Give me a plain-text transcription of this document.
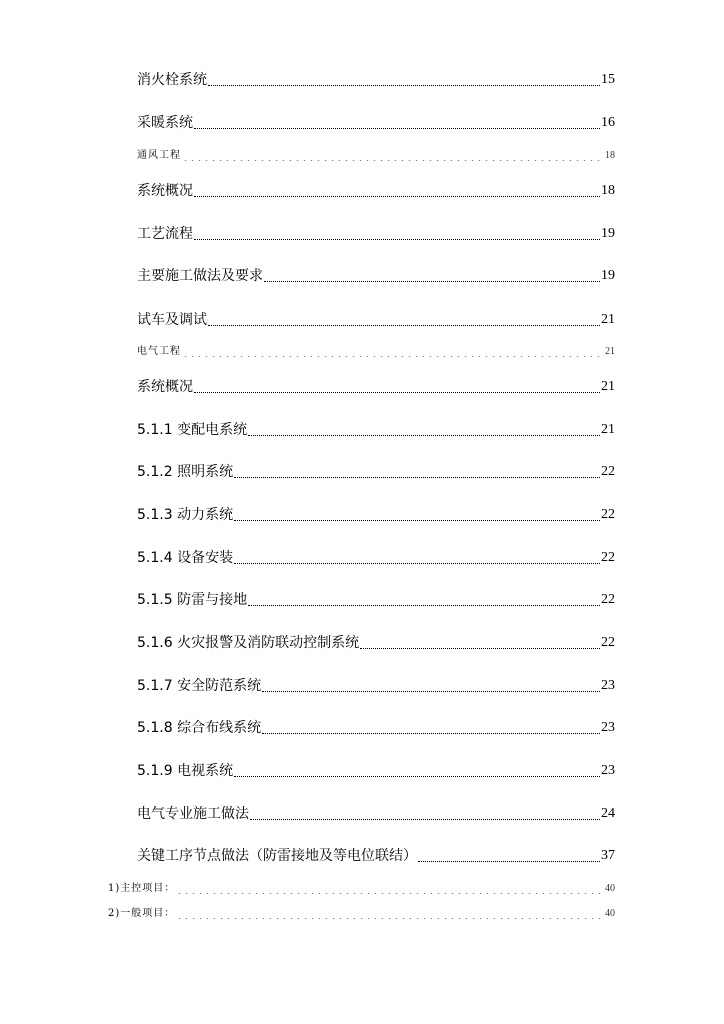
消火栓系统	15
采暖系统	16
通风工程	18
系统概况	18
工艺流程	19
主要施工做法及要求	19
试车及调试	21
电气工程	21
系统概况	21
5.1.1 变配电系统	21
5.1.2 照明系统	22
5.1.3 动力系统	22
5.1.4 设备安装	22
5.1.5 防雷与接地	22
5.1.6 火灾报警及消防联动控制系统	22
5.1.7 安全防范系统	23
5.1.8 综合布线系统	23
5.1.9 电视系统	23
电气专业施工做法	24
关键工序节点做法（防雷接地及等电位联结）	37
1)主控项目：	40
2)一般项目：	40
